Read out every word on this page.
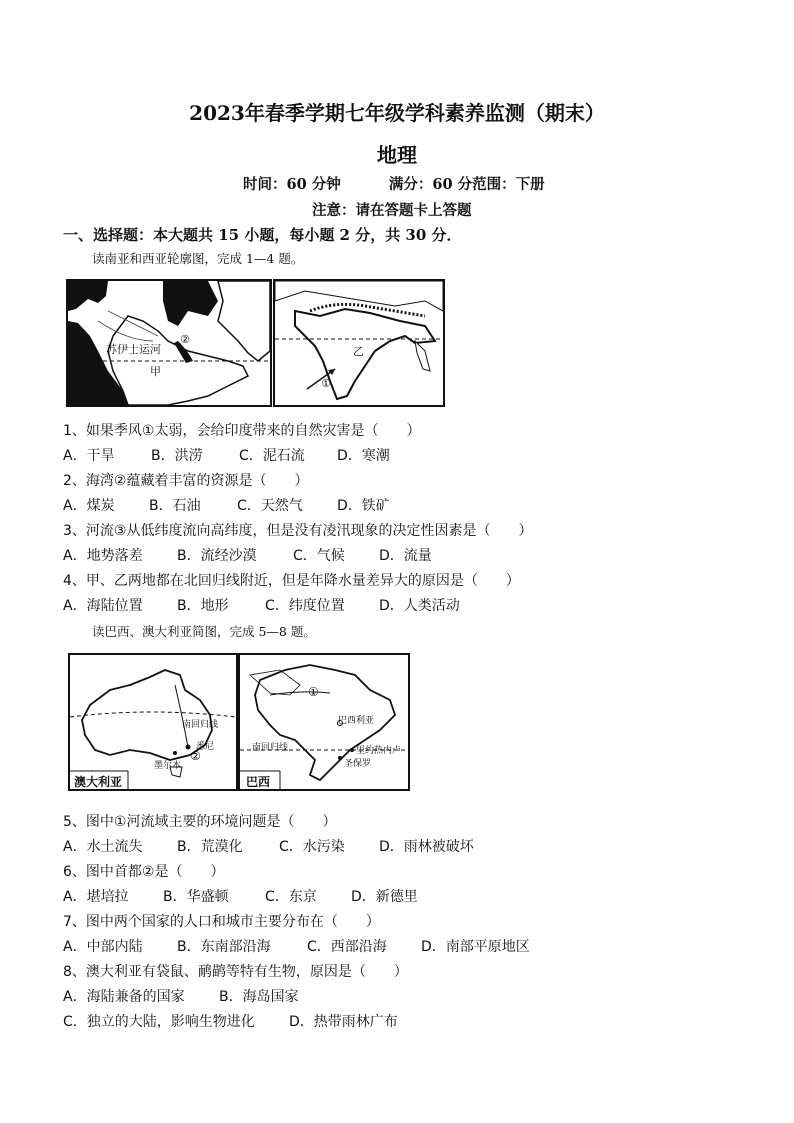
2023年春季学期七年级学科素养监测（期末）
地理
时间：60 分钟	满分：60 分范围：下册
注意：请在答题卡上答题
一、选择题：本大题共 15 小题，每小题 2 分，共 30 分．
读南亚和西亚轮廓图，完成 1—4 题。
苏伊士运河
甲
②
③
乙
①
1、如果季风①太弱，会给印度带来的自然灾害是（　　）
A．干旱	B．洪涝	C．泥石流 D．寒潮
2、海湾②蕴藏着丰富的资源是（　　）
A．煤炭 B．石油	C．天然气 D．铁矿
3、河流③从低纬度流向高纬度，但是没有凌汛现象的决定性因素是（　　）
A．地势落差 B．流经沙漠	C．气候 D．流量
4、甲、乙两地都在北回归线附近，但是年降水量差异大的原因是（　　）
A．海陆位置 B．地形	C．纬度位置 D．人类活动
读巴西、澳大利亚简图，完成 5—8 题。
南回归线
悉尼
墨尔本
②
澳大利亚
①
巴西利亚
南回归线	里约热内卢
圣保罗
巴西
5、图中①河流域主要的环境问题是（　　）
A．水土流失 B．荒漠化	C．水污染 D．雨林被破坏
6、图中首都②是（　　）
A．堪培拉 B．华盛顿	C．东京 D．新德里
7、图中两个国家的人口和城市主要分布在（　　）
A．中部内陆 B．东南部沿海	C．西部沿海 D．南部平原地区
8、澳大利亚有袋鼠、鸸鹋等特有生物，原因是（　　）
A．海陆兼备的国家 B．海岛国家
C．独立的大陆，影响生物进化 D．热带雨林广布
